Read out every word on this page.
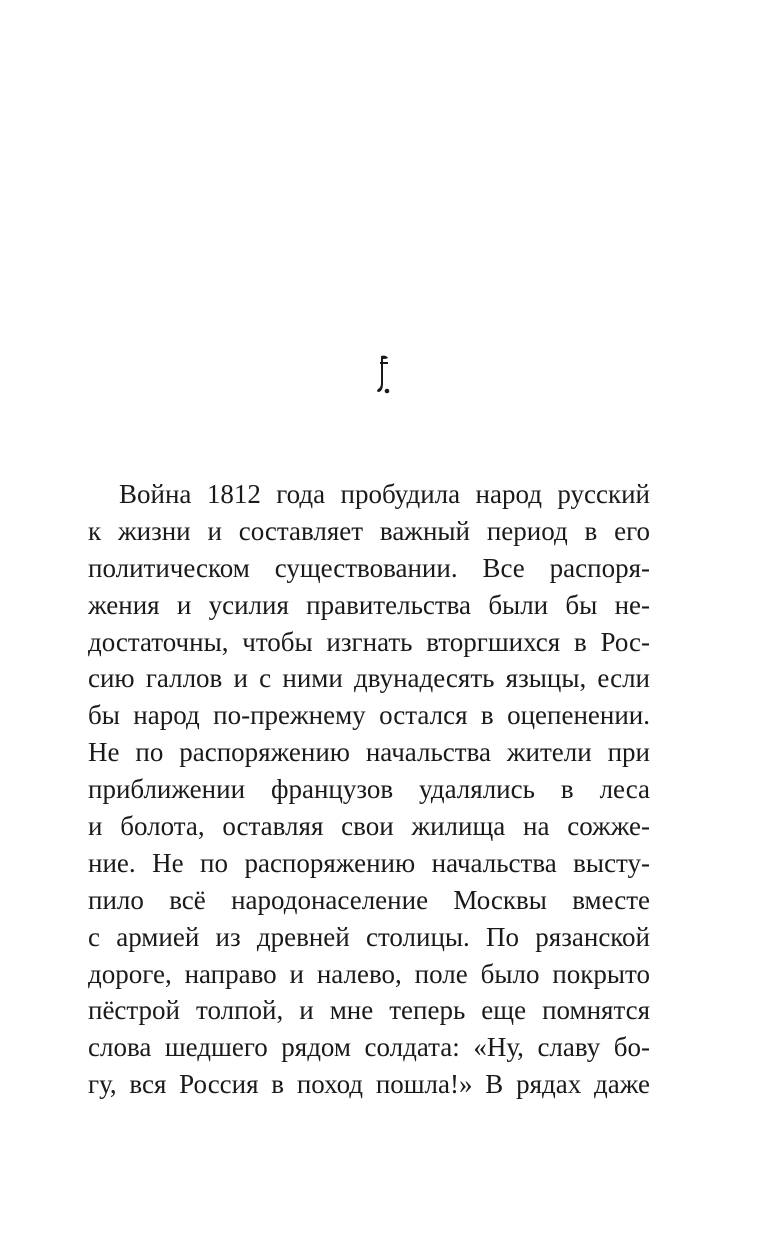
Война 1812 года пробудила народ русский
к жизни и составляет важный период в его
политическом существовании. Все распоря-
жения и усилия правительства были бы не-
достаточны, чтобы изгнать вторгшихся в Рос-
сию галлов и с ними двунадесять языцы, если
бы народ по-прежнему остался в оцепенении.
Не по распоряжению начальства жители при
приближении французов удалялись в леса
и болота, оставляя свои жилища на сожже-
ние. Не по распоряжению начальства высту-
пило всё народонаселение Москвы вместе
с армией из древней столицы. По рязанской
дороге, направо и налево, поле было покрыто
пёстрой толпой, и мне теперь еще помнятся
слова шедшего рядом солдата: «Ну, славу бо-
гу, вся Россия в поход пошла!» В рядах даже
